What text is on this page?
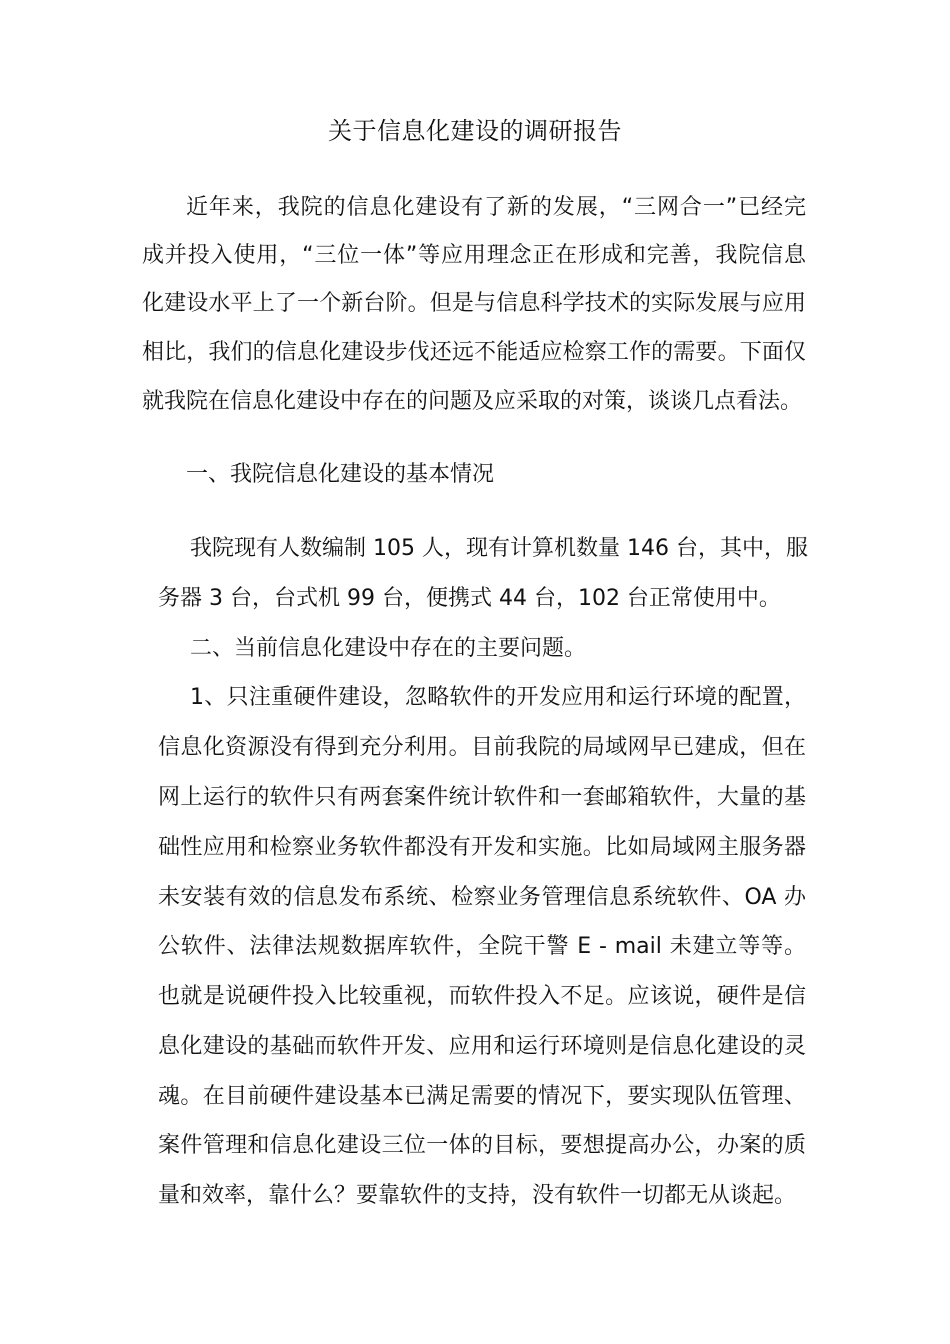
关于信息化建设的调研报告
近年来，我院的信息化建设有了新的发展，“三网合一”已经完
成并投入使用，“三位一体”等应用理念正在形成和完善，我院信息
化建设水平上了一个新台阶。但是与信息科学技术的实际发展与应用
相比，我们的信息化建设步伐还远不能适应检察工作的需要。下面仅
就我院在信息化建设中存在的问题及应采取的对策，谈谈几点看法。
一、我院信息化建设的基本情况
我院现有人数编制 105 人，现有计算机数量 146 台，其中，服
务器 3 台，台式机 99 台，便携式 44 台，102 台正常使用中。
二、当前信息化建设中存在的主要问题。
1、只注重硬件建设，忽略软件的开发应用和运行环境的配置，
信息化资源没有得到充分利用。目前我院的局域网早已建成，但在
网上运行的软件只有两套案件统计软件和一套邮箱软件，大量的基
础性应用和检察业务软件都没有开发和实施。比如局域网主服务器
未安装有效的信息发布系统、检察业务管理信息系统软件、OA 办
公软件、法律法规数据库软件，全院干警 E - mail 未建立等等。
也就是说硬件投入比较重视，而软件投入不足。应该说，硬件是信
息化建设的基础而软件开发、应用和运行环境则是信息化建设的灵
魂。在目前硬件建设基本已满足需要的情况下，要实现队伍管理、
案件管理和信息化建设三位一体的目标，要想提高办公，办案的质
量和效率，靠什么？要靠软件的支持，没有软件一切都无从谈起。
